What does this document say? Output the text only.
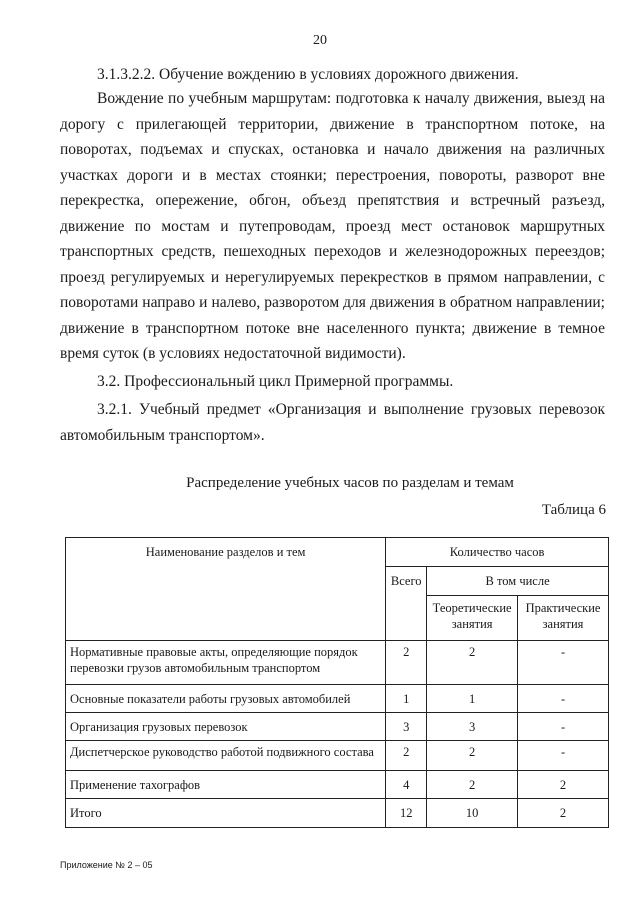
20
3.1.3.2.2. Обучение вождению в условиях дорожного движения.
Вождение по учебным маршрутам: подготовка к началу движения, выезд на дорогу с прилегающей территории, движение в транспортном потоке, на поворотах, подъемах и спусках, остановка и начало движения на различных участках дороги и в местах стоянки; перестроения, повороты, разворот вне перекрестка, опережение, обгон, объезд препятствия и встречный разъезд, движение по мостам и путепроводам, проезд мест остановок маршрутных транспортных средств, пешеходных переходов и железнодорожных переездов; проезд регулируемых и нерегулируемых перекрестков в прямом направлении, с поворотами направо и налево, разворотом для движения в обратном направлении; движение в транспортном потоке вне населенного пункта; движение в темное время суток (в условиях недостаточной видимости).
3.2. Профессиональный цикл Примерной программы.
3.2.1. Учебный предмет «Организация и выполнение грузовых перевозок автомобильным транспортом».
Распределение учебных часов по разделам и темам
Таблица 6
Наименование разделов и тем	Количество часов		
	Всего	В том числе	
		Теоретические занятия	Практические занятия
Нормативные правовые акты, определяющие порядок перевозки грузов автомобильным транспортом	2	2	-
Основные показатели работы грузовых автомобилей	1	1	-
Организация грузовых перевозок	3	3	-
Диспетчерское руководство работой подвижного состава	2	2	-
Применение тахографов	4	2	2
Итого	12	10	2
Приложение № 2 – 05
